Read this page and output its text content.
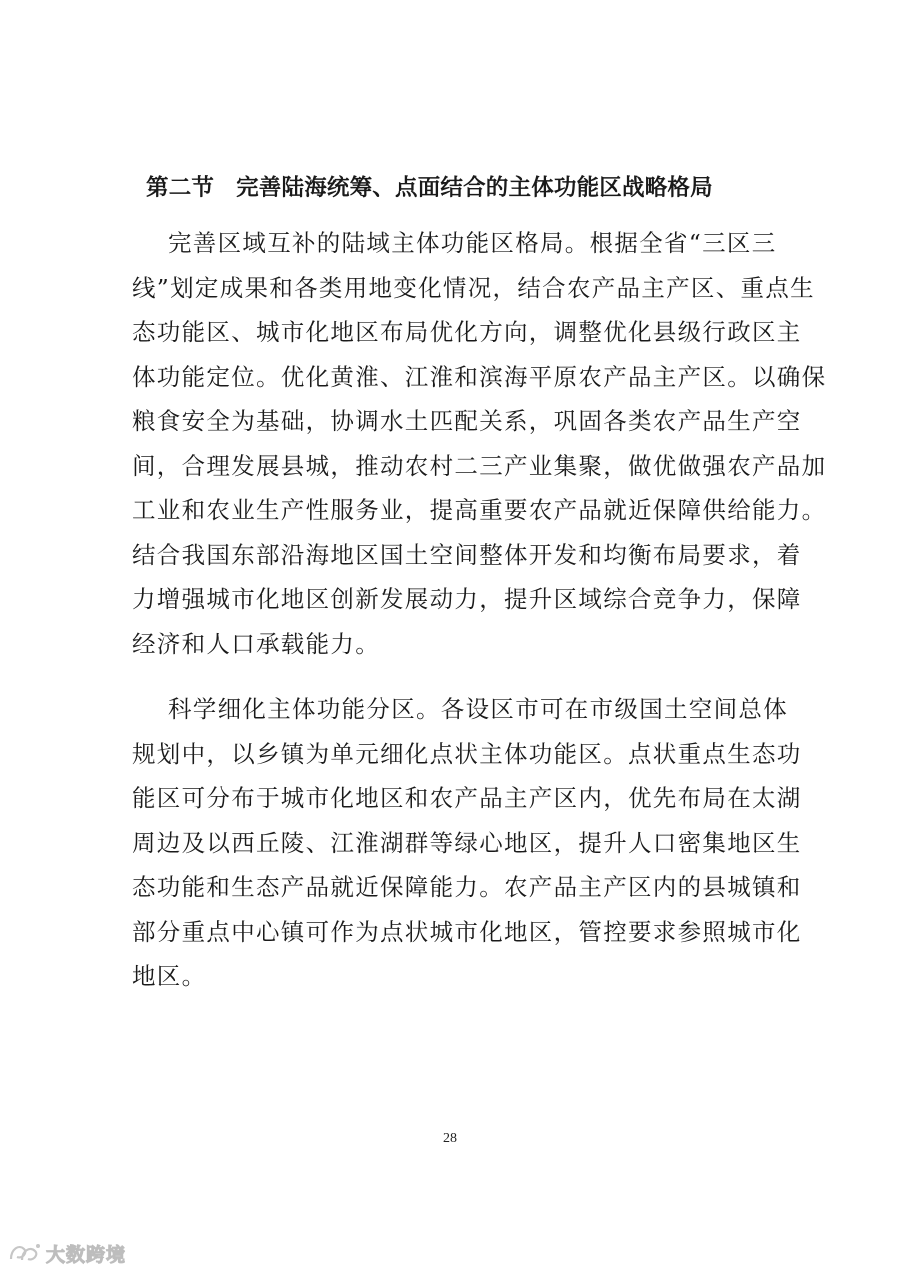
第二节 完善陆海统筹、点面结合的主体功能区战略格局

完善区域互补的陆域主体功能区格局。根据全省“三区三
线”划定成果和各类用地变化情况，结合农产品主产区、重点生
态功能区、城市化地区布局优化方向，调整优化县级行政区主
体功能定位。优化黄淮、江淮和滨海平原农产品主产区。以确保
粮食安全为基础，协调水土匹配关系，巩固各类农产品生产空
间，合理发展县城，推动农村二三产业集聚，做优做强农产品加
工业和农业生产性服务业，提高重要农产品就近保障供给能力。
结合我国东部沿海地区国土空间整体开发和均衡布局要求，着
力增强城市化地区创新发展动力，提升区域综合竞争力，保障
经济和人口承载能力。

科学细化主体功能分区。各设区市可在市级国土空间总体
规划中，以乡镇为单元细化点状主体功能区。点状重点生态功
能区可分布于城市化地区和农产品主产区内，优先布局在太湖
周边及以西丘陵、江淮湖群等绿心地区，提升人口密集地区生
态功能和生态产品就近保障能力。农产品主产区内的县城镇和
部分重点中心镇可作为点状城市化地区，管控要求参照城市化
地区。

28
大数跨境
